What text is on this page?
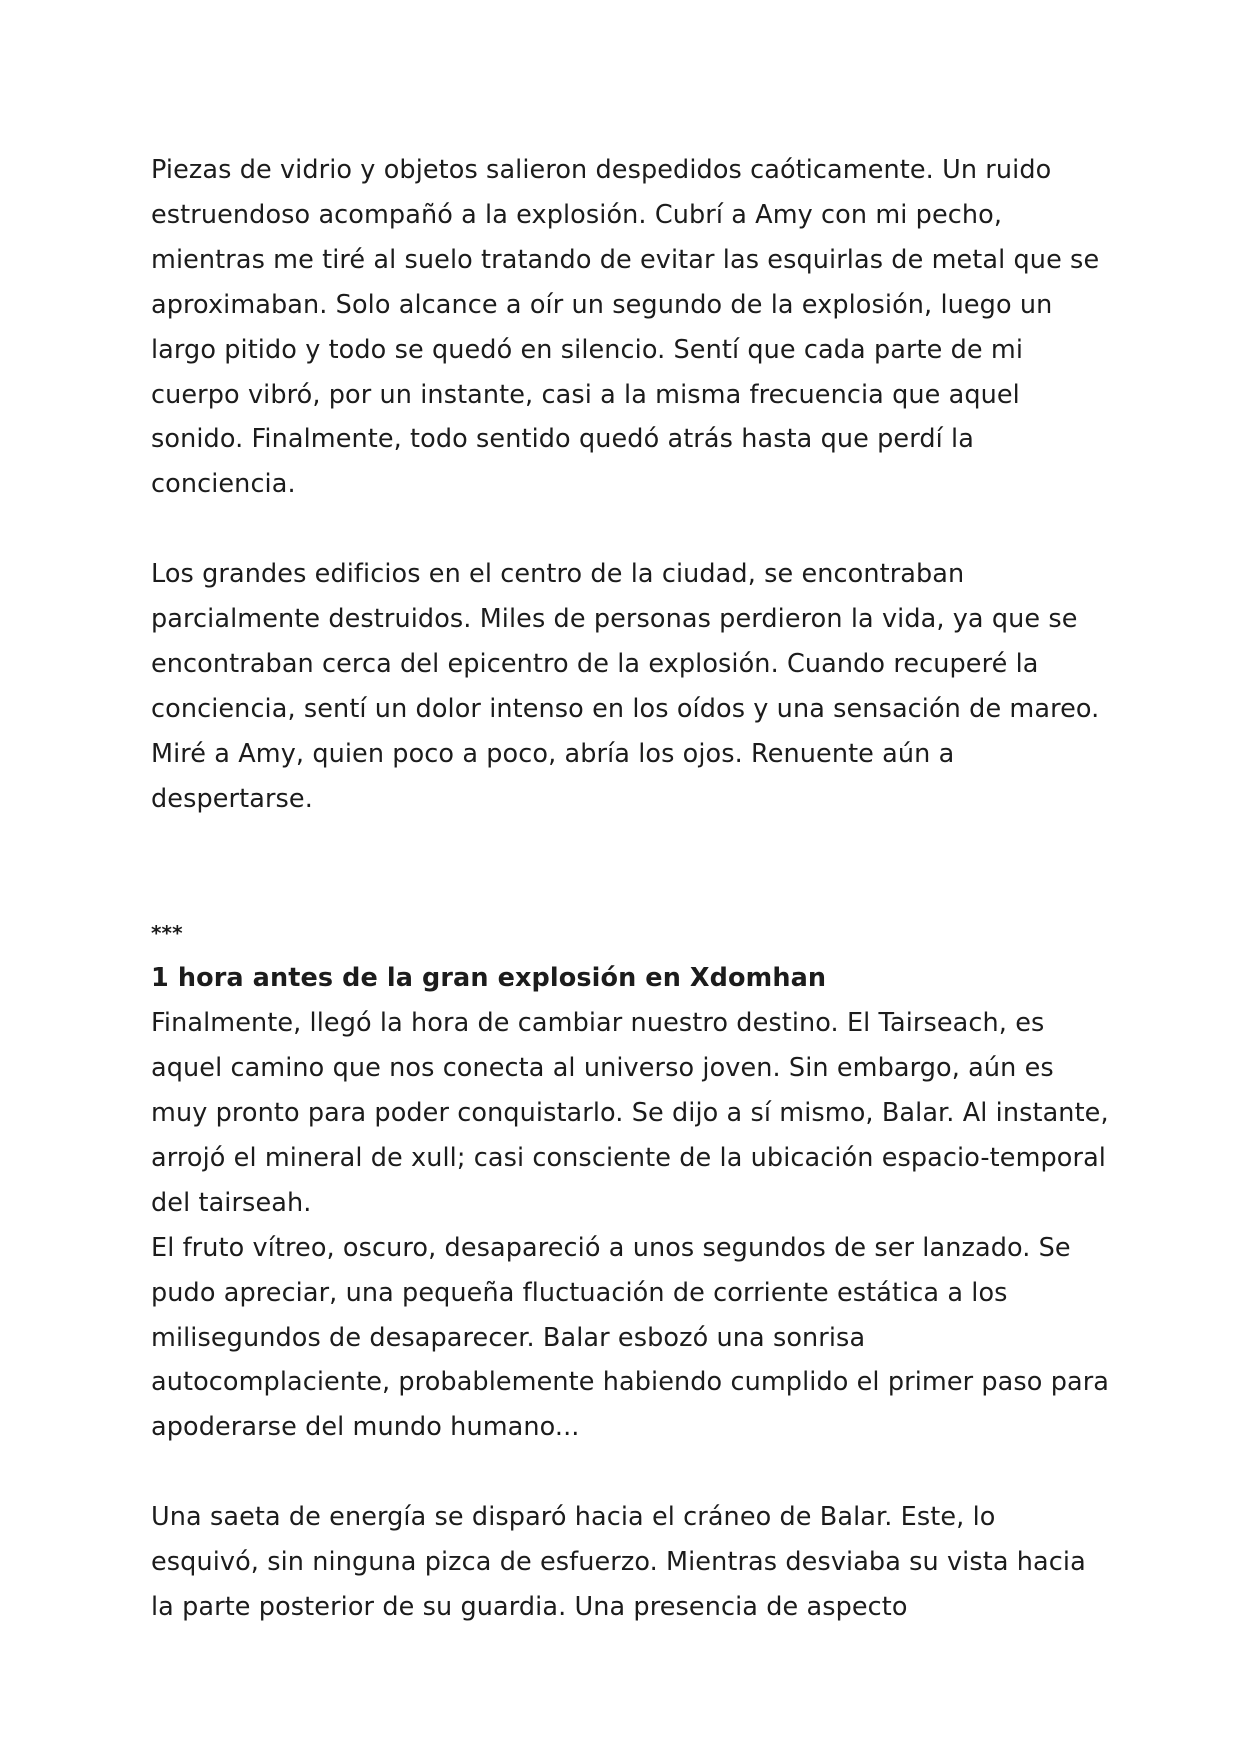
Piezas de vidrio y objetos salieron despedidos caóticamente. Un ruido estruendoso acompañó a la explosión. Cubrí a Amy con mi pecho, mientras me tiré al suelo tratando de evitar las esquirlas de metal que se aproximaban. Solo alcance a oír un segundo de la explosión, luego un largo pitido y todo se quedó en silencio. Sentí que cada parte de mi cuerpo vibró, por un instante, casi a la misma frecuencia que aquel sonido. Finalmente, todo sentido quedó atrás hasta que perdí la conciencia.

Los grandes edificios en el centro de la ciudad, se encontraban parcialmente destruidos. Miles de personas perdieron la vida, ya que se encontraban cerca del epicentro de la explosión. Cuando recuperé la conciencia, sentí un dolor intenso en los oídos y una sensación de mareo. Miré a Amy, quien poco a poco, abría los ojos. Renuente aún a despertarse.

***

1 hora antes de la gran explosión en Xdomhan

Finalmente, llegó la hora de cambiar nuestro destino. El Tairseach, es aquel camino que nos conecta al universo joven. Sin embargo, aún es muy pronto para poder conquistarlo. Se dijo a sí mismo, Balar. Al instante, arrojó el mineral de xull; casi consciente de la ubicación espacio-temporal del tairseah.

El fruto vítreo, oscuro, desapareció a unos segundos de ser lanzado. Se pudo apreciar, una pequeña fluctuación de corriente estática a los milisegundos de desaparecer. Balar esbozó una sonrisa autocomplaciente, probablemente habiendo cumplido el primer paso para apoderarse del mundo humano...

Una saeta de energía se disparó hacia el cráneo de Balar. Este, lo esquivó, sin ninguna pizca de esfuerzo. Mientras desviaba su vista hacia la parte posterior de su guardia. Una presencia de aspecto
